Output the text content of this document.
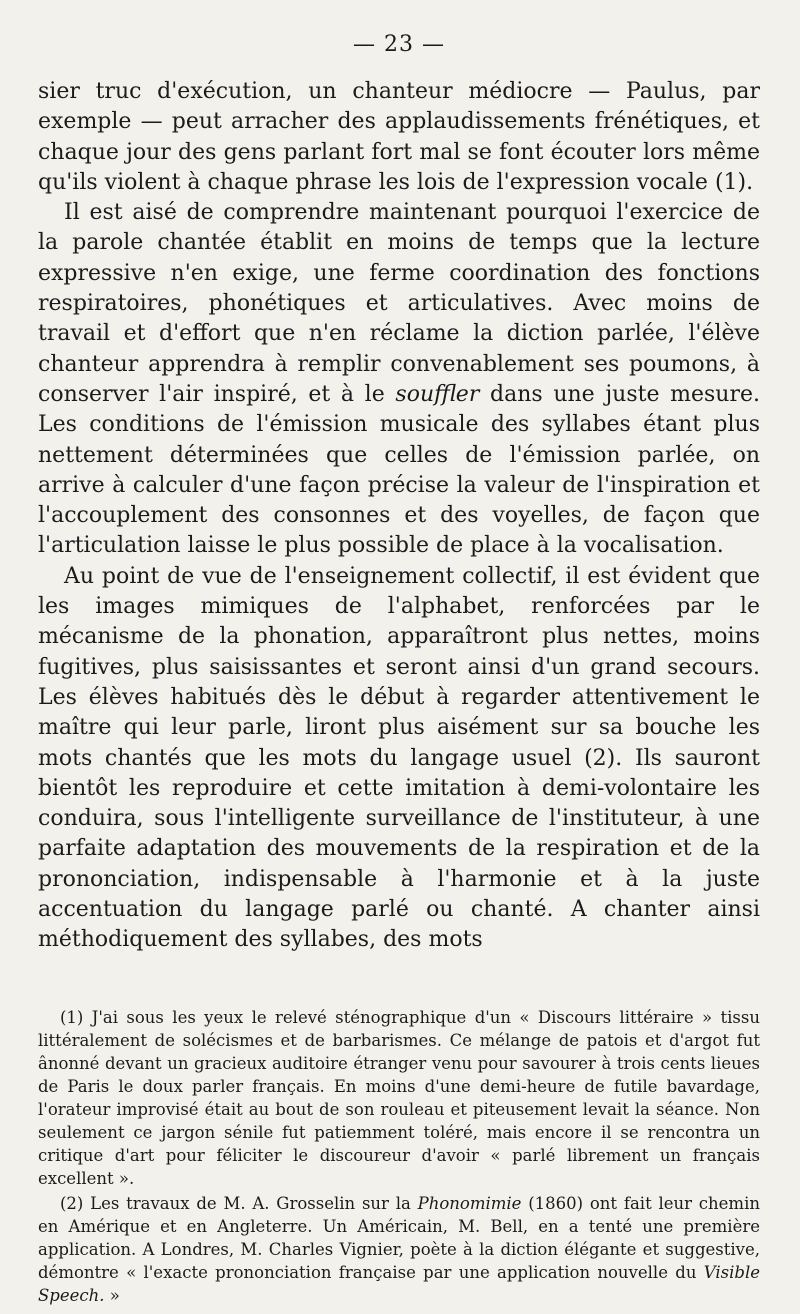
— 23 —

sier truc d'exécution, un chanteur médiocre — Paulus, par exemple — peut arracher des applaudissements frénétiques, et chaque jour des gens parlant fort mal se font écouter lors même qu'ils violent à chaque phrase les lois de l'expression vocale (1).

Il est aisé de comprendre maintenant pourquoi l'exercice de la parole chantée établit en moins de temps que la lecture expressive n'en exige, une ferme coordination des fonctions respiratoires, phonétiques et articulatives. Avec moins de travail et d'effort que n'en réclame la diction parlée, l'élève chanteur apprendra à remplir convenablement ses poumons, à conserver l'air inspiré, et à le souffler dans une juste mesure. Les conditions de l'émission musicale des syllabes étant plus nettement déterminées que celles de l'émission parlée, on arrive à calculer d'une façon précise la valeur de l'inspiration et l'accouplement des consonnes et des voyelles, de façon que l'articulation laisse le plus possible de place à la vocalisation.

Au point de vue de l'enseignement collectif, il est évident que les images mimiques de l'alphabet, renforcées par le mécanisme de la phonation, apparaîtront plus nettes, moins fugitives, plus saisissantes et seront ainsi d'un grand secours. Les élèves habitués dès le début à regarder attentivement le maître qui leur parle, liront plus aisément sur sa bouche les mots chantés que les mots du langage usuel (2). Ils sauront bientôt les reproduire et cette imitation à demi-volontaire les conduira, sous l'intelligente surveillance de l'instituteur, à une parfaite adaptation des mouvements de la respiration et de la prononciation, indispensable à l'harmonie et à la juste accentuation du langage parlé ou chanté. A chanter ainsi méthodiquement des syllabes, des mots

(1) J'ai sous les yeux le relevé sténographique d'un « Discours littéraire » tissu littéralement de solécismes et de barbarismes. Ce mélange de patois et d'argot fut ânonné devant un gracieux auditoire étranger venu pour savourer à trois cents lieues de Paris le doux parler français. En moins d'une demi-heure de futile bavardage, l'orateur improvisé était au bout de son rouleau et piteusement levait la séance. Non seulement ce jargon sénile fut patiemment toléré, mais encore il se rencontra un critique d'art pour féliciter le discoureur d'avoir « parlé librement un français excellent ».

(2) Les travaux de M. A. Grosselin sur la Phonomimie (1860) ont fait leur chemin en Amérique et en Angleterre. Un Américain, M. Bell, en a tenté une première application. A Londres, M. Charles Vignier, poète à la diction élégante et suggestive, démontre « l'exacte prononciation française par une application nouvelle du Visible Speech. »
